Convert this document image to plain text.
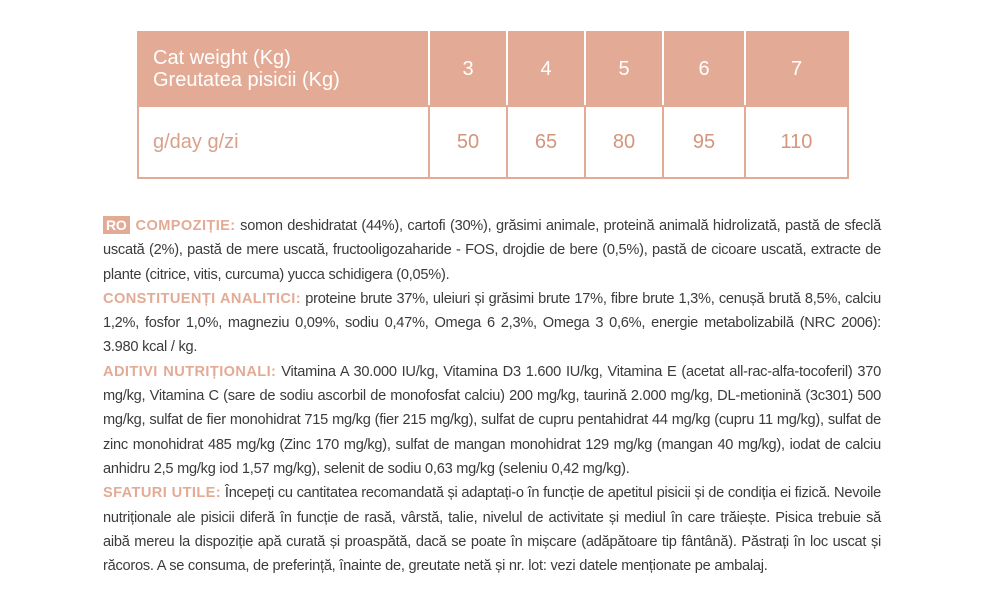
Cat weight (Kg)
Greutatea pisicii (Kg)	3	4	5	6	7
g/day g/zi	50	65	80	95	110

RO COMPOZIȚIE: somon deshidratat (44%), cartofi (30%), grăsimi animale, proteină animală hidrolizată, pastă de sfeclă uscată (2%), pastă de mere uscată, fructooligozaharide - FOS, drojdie de bere (0,5%), pastă de cicoare uscată, extracte de plante (citrice, vitis, curcuma) yucca schidigera (0,05%).

CONSTITUENȚI ANALITICI: proteine brute 37%, uleiuri și grăsimi brute 17%, fibre brute 1,3%, cenușă brută 8,5%, calciu 1,2%, fosfor 1,0%, magneziu 0,09%, sodiu 0,47%, Omega 6 2,3%, Omega 3 0,6%, energie metabolizabilă (NRC 2006): 3.980 kcal / kg.

ADITIVI NUTRIȚIONALI: Vitamina A 30.000 IU/kg, Vitamina D3 1.600 IU/kg, Vitamina E (acetat all-rac-alfa-tocoferil) 370 mg/kg, Vitamina C (sare de sodiu ascorbil de monofosfat calciu) 200 mg/kg, taurină 2.000 mg/kg, DL-metionină (3c301) 500 mg/kg, sulfat de fier monohidrat 715 mg/kg (fier 215 mg/kg), sulfat de cupru pentahidrat 44 mg/kg (cupru 11 mg/kg), sulfat de zinc monohidrat 485 mg/kg (Zinc 170 mg/kg), sulfat de mangan monohidrat 129 mg/kg (mangan 40 mg/kg), iodat de calciu anhidru 2,5 mg/kg iod 1,57 mg/kg), selenit de sodiu 0,63 mg/kg (seleniu 0,42 mg/kg).

SFATURI UTILE: Începeți cu cantitatea recomandată și adaptați-o în funcție de apetitul pisicii și de condiția ei fizică. Nevoile nutriționale ale pisicii diferă în funcție de rasă, vârstă, talie, nivelul de activitate și mediul în care trăiește. Pisica trebuie să aibă mereu la dispoziție apă curată și proaspătă, dacă se poate în mișcare (adăpătoare tip fântână). Păstrați în loc uscat și răcoros. A se consuma, de preferință, înainte de, greutate netă și nr. lot: vezi datele menționate pe ambalaj.
